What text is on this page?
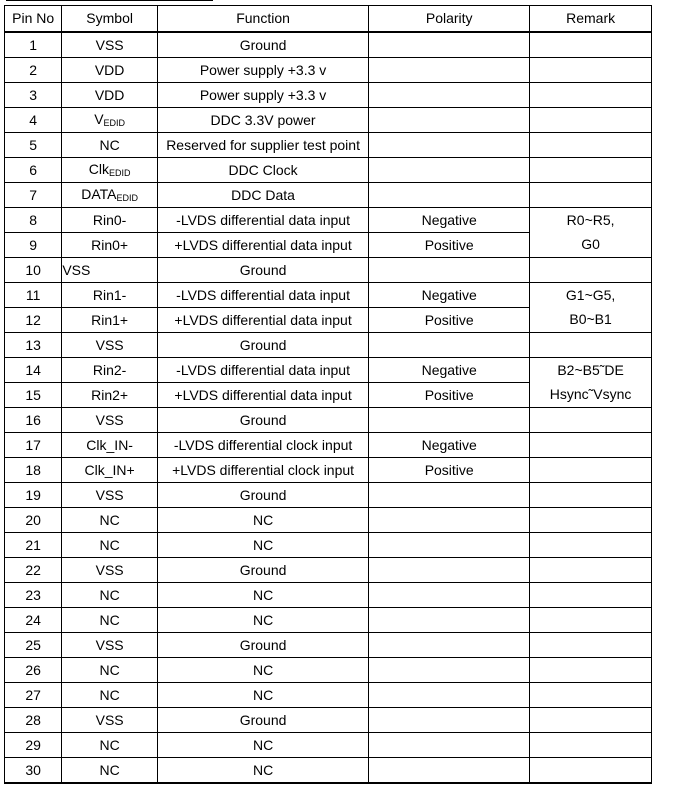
Pin No	Symbol	Function	Polarity	Remark
1	VSS	Ground		
2	VDD	Power supply +3.3 v		
3	VDD	Power supply +3.3 v		
4	$V_{EDID}$	DDC 3.3V power		
5	NC	Reserved for supplier test point		
6	Clk$_{EDID}$	DDC Clock		
7	$DATA_{EDID}$	DDC Data		
8	Rin0-	-LVDS differential data input	Negative	R0~R5,
G0

9	Rin0+	+LVDS differential data input	Positive	
10	VSS	Ground		
11	Rin1-	-LVDS differential data input	Negative	G1~G5,
B0~B1

12	Rin1+	+LVDS differential data input	Positive	
13	VSS	Ground		
14	Rin2-	-LVDS differential data input	Negative	B2~B5˜DE
Hsync˜Vsync

15	Rin2+	+LVDS differential data input	Positive	
16	VSS	Ground		
17	Clk_IN-	-LVDS differential clock input	Negative	
18	Clk_IN+	+LVDS differential clock input	Positive	
19	VSS	Ground		
20	NC	NC		
21	NC	NC		
22	VSS	Ground		
23	NC	NC		
24	NC	NC		
25	VSS	Ground		
26	NC	NC		
27	NC	NC		
28	VSS	Ground		
29	NC	NC		
30	NC	NC		
